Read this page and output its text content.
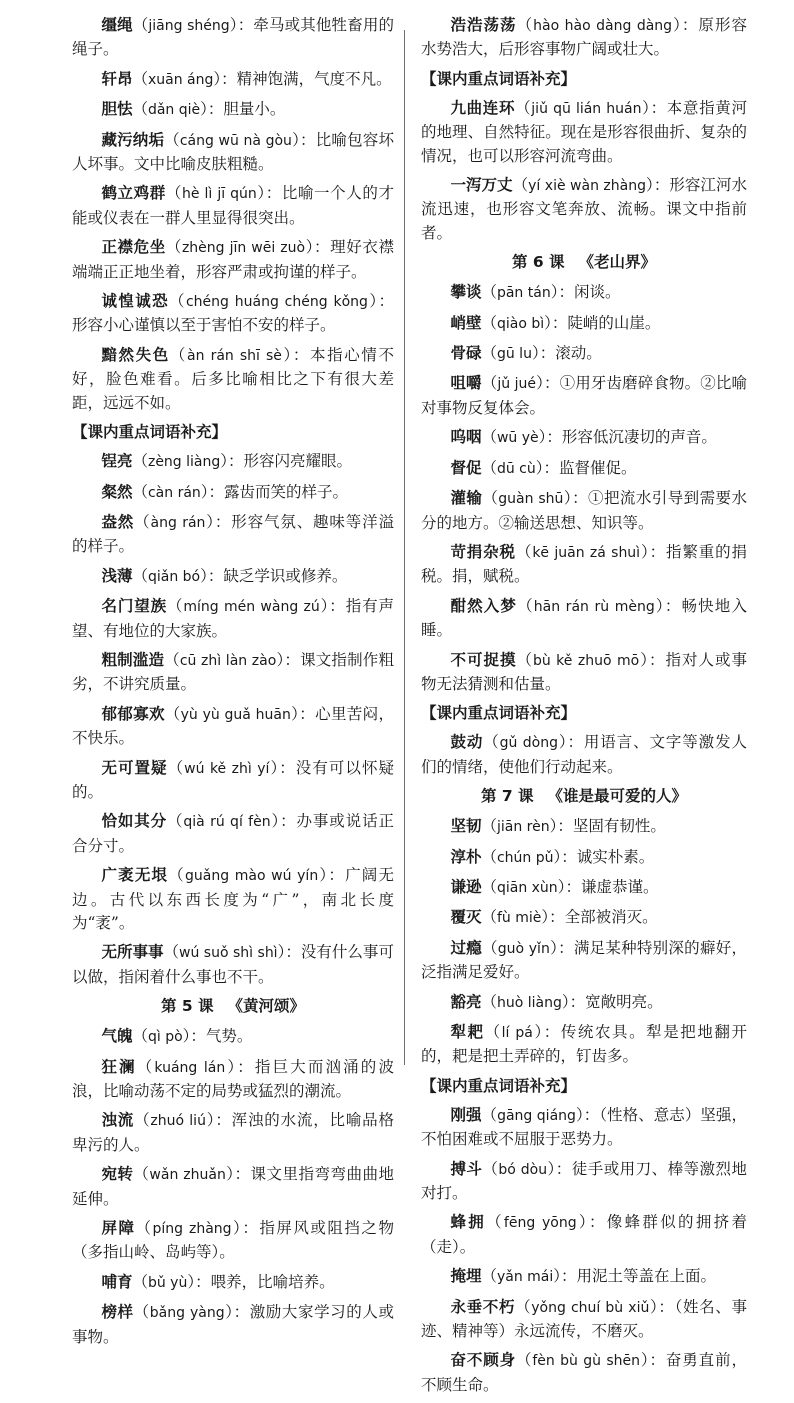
缰绳（jiāng shéng）：牵马或其他牲畜用的绳子。
轩昂（xuān áng）：精神饱满，气度不凡。
胆怯（dǎn qiè）：胆量小。
藏污纳垢（cáng wū nà gòu）：比喻包容坏人坏事。文中比喻皮肤粗糙。
鹤立鸡群（hè lì jī qún）：比喻一个人的才能或仪表在一群人里显得很突出。
正襟危坐（zhèng jīn wēi zuò）：理好衣襟端端正正地坐着，形容严肃或拘谨的样子。
诚惶诚恐（chéng huáng chéng kǒng）：形容小心谨慎以至于害怕不安的样子。
黯然失色（àn rán shī sè）：本指心情不好，脸色难看。后多比喻相比之下有很大差距，远远不如。
【课内重点词语补充】
锃亮（zèng liàng）：形容闪亮耀眼。
粲然（càn rán）：露齿而笑的样子。
盎然（àng rán）：形容气氛、趣味等洋溢的样子。
浅薄（qiǎn bó）：缺乏学识或修养。
名门望族（míng mén wàng zú）：指有声望、有地位的大家族。
粗制滥造（cū zhì làn zào）：课文指制作粗劣，不讲究质量。
郁郁寡欢（yù yù guǎ huān）：心里苦闷，不快乐。
无可置疑（wú kě zhì yí）：没有可以怀疑的。
恰如其分（qià rú qí fèn）：办事或说话正合分寸。
广袤无垠（guǎng mào wú yín）：广阔无边。古代以东西长度为“广”，南北长度为“袤”。
无所事事（wú suǒ shì shì）：没有什么事可以做，指闲着什么事也不干。
第 5 课 《黄河颂》
气魄（qì pò）：气势。
狂澜（kuáng lán）：指巨大而汹涌的波浪，比喻动荡不定的局势或猛烈的潮流。
浊流（zhuó liú）：浑浊的水流，比喻品格卑污的人。
宛转（wǎn zhuǎn）：课文里指弯弯曲曲地延伸。
屏障（píng zhàng）：指屏风或阻挡之物（多指山岭、岛屿等）。
哺育（bǔ yù）：喂养，比喻培养。
榜样（bǎng yàng）：激励大家学习的人或事物。
浩浩荡荡（hào hào dàng dàng）：原形容水势浩大，后形容事物广阔或壮大。
【课内重点词语补充】
九曲连环（jiǔ qū lián huán）：本意指黄河的地理、自然特征。现在是形容很曲折、复杂的情况，也可以形容河流弯曲。
一泻万丈（yí xiè wàn zhàng）：形容江河水流迅速，也形容文笔奔放、流畅。课文中指前者。
第 6 课 《老山界》
攀谈（pān tán）：闲谈。
峭壁（qiào bì）：陡峭的山崖。
骨碌（gū lu）：滚动。
咀嚼（jǔ jué）：①用牙齿磨碎食物。②比喻对事物反复体会。
呜咽（wū yè）：形容低沉凄切的声音。
督促（dū cù）：监督催促。
灌输（guàn shū）：①把流水引导到需要水分的地方。②输送思想、知识等。
苛捐杂税（kē juān zá shuì）：指繁重的捐税。捐，赋税。
酣然入梦（hān rán rù mèng）：畅快地入睡。
不可捉摸（bù kě zhuō mō）：指对人或事物无法猜测和估量。
【课内重点词语补充】
鼓动（gǔ dòng）：用语言、文字等激发人们的情绪，使他们行动起来。
第 7 课 《谁是最可爱的人》
坚韧（jiān rèn）：坚固有韧性。
淳朴（chún pǔ）：诚实朴素。
谦逊（qiān xùn）：谦虚恭谨。
覆灭（fù miè）：全部被消灭。
过瘾（guò yǐn）：满足某种特别深的癖好，泛指满足爱好。
豁亮（huò liàng）：宽敞明亮。
犁耙（lí pá）：传统农具。犁是把地翻开的，耙是把土弄碎的，钉齿多。
【课内重点词语补充】
刚强（gāng qiáng）：（性格、意志）坚强，不怕困难或不屈服于恶势力。
搏斗（bó dòu）：徒手或用刀、棒等激烈地对打。
蜂拥（fēng yōng）：像蜂群似的拥挤着（走）。
掩埋（yǎn mái）：用泥土等盖在上面。
永垂不朽（yǒng chuí bù xiǔ）：（姓名、事迹、精神等）永远流传，不磨灭。
奋不顾身（fèn bù gù shēn）：奋勇直前，不顾生命。
